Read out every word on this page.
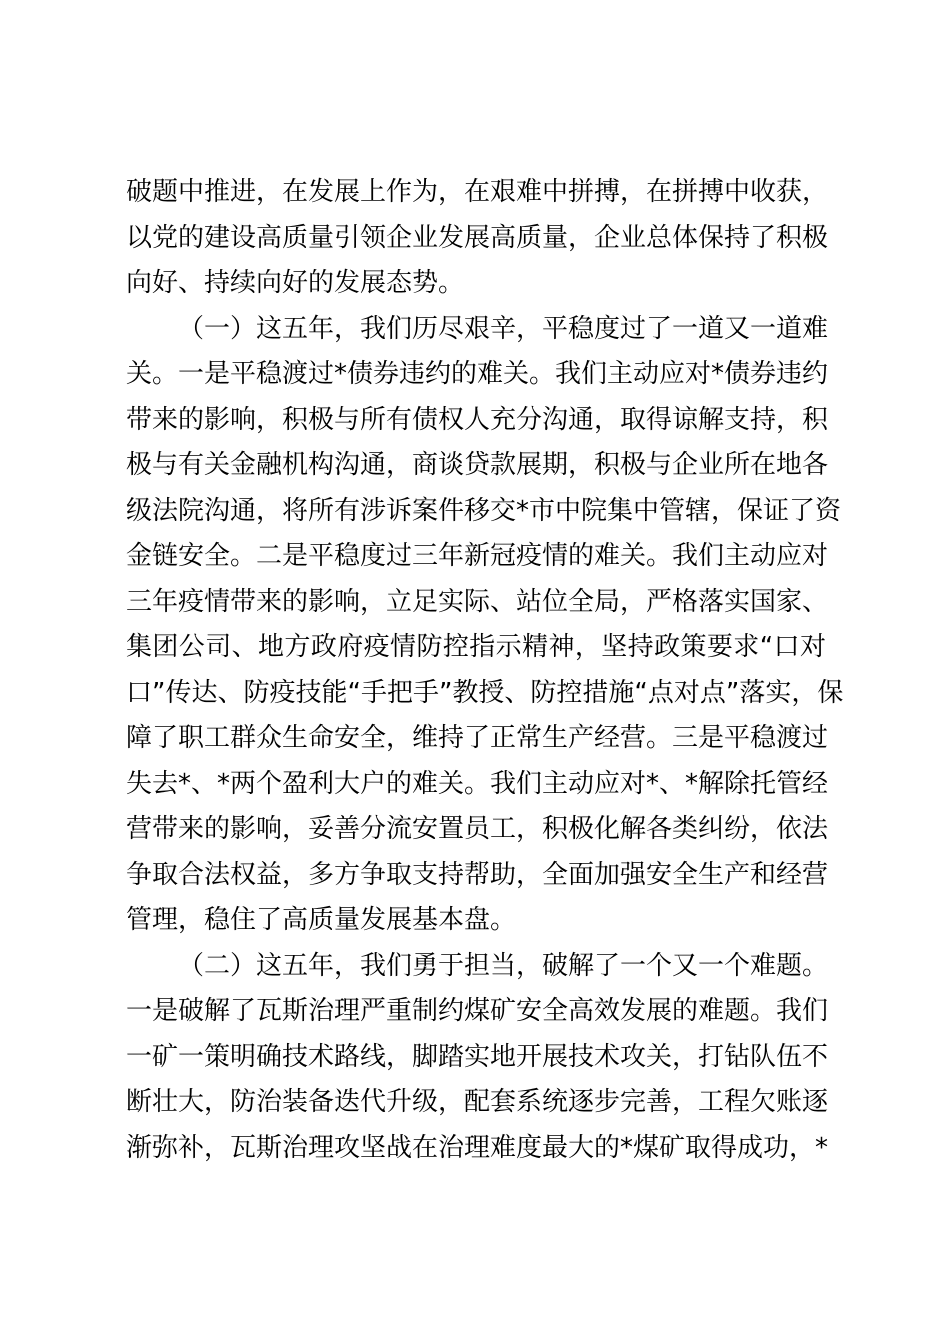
破题中推进，在发展上作为，在艰难中拼搏，在拼搏中收获，
以党的建设高质量引领企业发展高质量，企业总体保持了积极
向好、持续向好的发展态势。
（一）这五年，我们历尽艰辛，平稳度过了一道又一道难
关。一是平稳渡过*债券违约的难关。我们主动应对*债券违约
带来的影响，积极与所有债权人充分沟通，取得谅解支持，积
极与有关金融机构沟通，商谈贷款展期，积极与企业所在地各
级法院沟通，将所有涉诉案件移交*市中院集中管辖，保证了资
金链安全。二是平稳度过三年新冠疫情的难关。我们主动应对
三年疫情带来的影响，立足实际、站位全局，严格落实国家、
集团公司、地方政府疫情防控指示精神，坚持政策要求“口对
口”传达、防疫技能“手把手”教授、防控措施“点对点”落实，保
障了职工群众生命安全，维持了正常生产经营。三是平稳渡过
失去*、*两个盈利大户的难关。我们主动应对*、*解除托管经
营带来的影响，妥善分流安置员工，积极化解各类纠纷，依法
争取合法权益，多方争取支持帮助，全面加强安全生产和经营
管理，稳住了高质量发展基本盘。
（二）这五年，我们勇于担当，破解了一个又一个难题。
一是破解了瓦斯治理严重制约煤矿安全高效发展的难题。我们
一矿一策明确技术路线，脚踏实地开展技术攻关，打钻队伍不
断壮大，防治装备迭代升级，配套系统逐步完善，工程欠账逐
渐弥补，瓦斯治理攻坚战在治理难度最大的*煤矿取得成功，*
